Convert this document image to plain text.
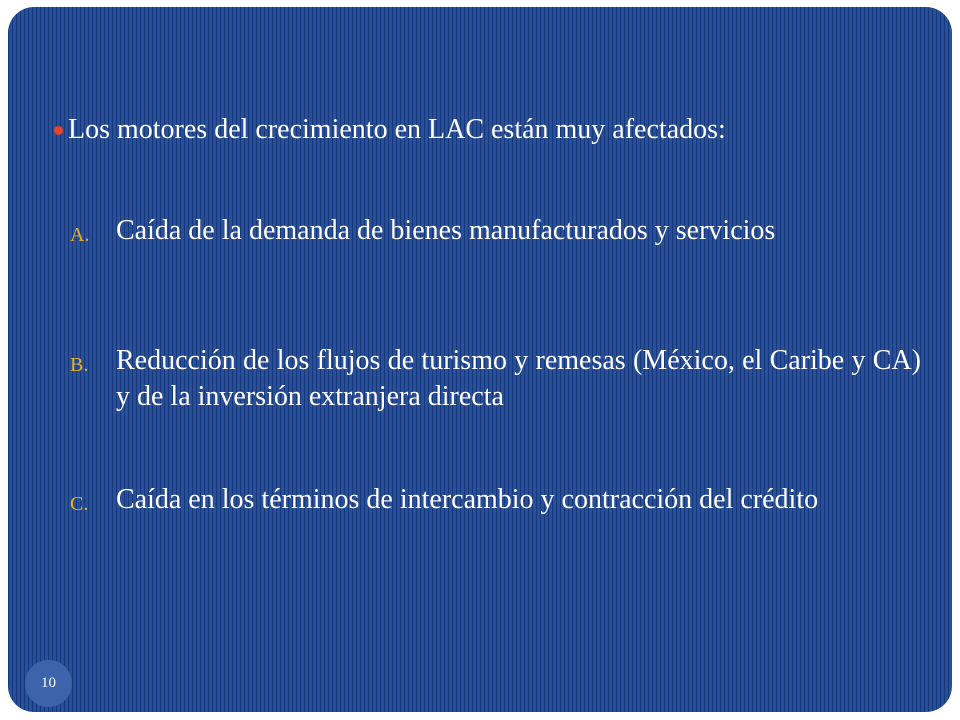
Los motores del crecimiento en LAC están muy afectados:
A. Caída de la demanda de bienes manufacturados y servicios
B. Reducción de los flujos de turismo y remesas (México, el Caribe y CA) y de la inversión extranjera directa
C. Caída en los términos de intercambio y contracción del crédito
10
